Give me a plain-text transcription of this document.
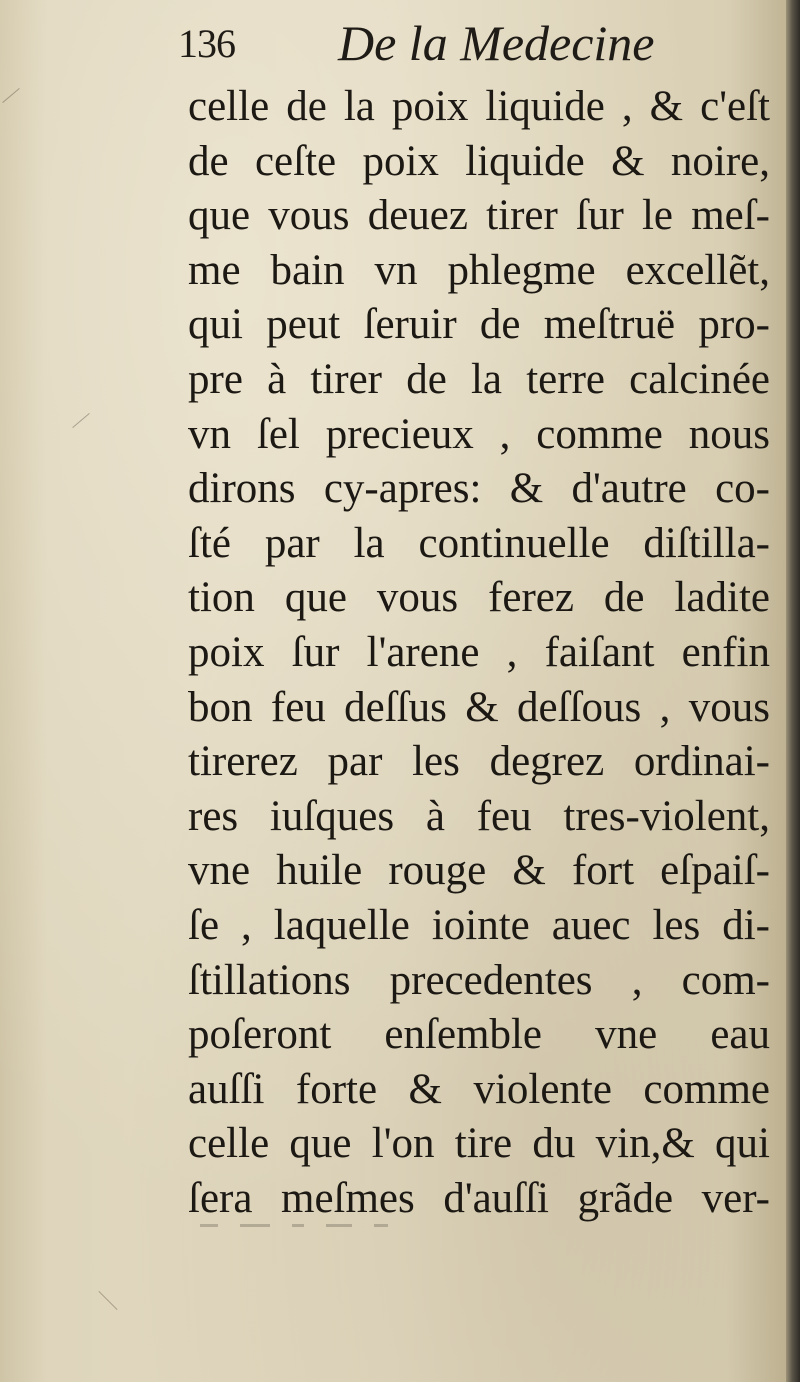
136 De la Medecine
celle de la poix liquide , & c'eſt
de ceſte poix liquide & noire,
que vous deuez tirer ſur le meſ-
me bain vn phlegme excellẽt,
qui peut ſeruir de meſtruë pro-
pre à tirer de la terre calcinée
vn ſel precieux , comme nous
dirons cy-apres: & d'autre co-
ſté par la continuelle diſtilla-
tion que vous ferez de ladite
poix ſur l'arene , faiſant enfin
bon feu deſſus & deſſous , vous
tirerez par les degrez ordinai-
res iuſques à feu tres-violent,
vne huile rouge & fort eſpaiſ-
ſe , laquelle iointe auec les di-
ſtillations precedentes , com-
poſeront enſemble vne eau
auſſi forte & violente comme
celle que l'on tire du vin,& qui
ſera meſmes d'auſſi grãde ver-
